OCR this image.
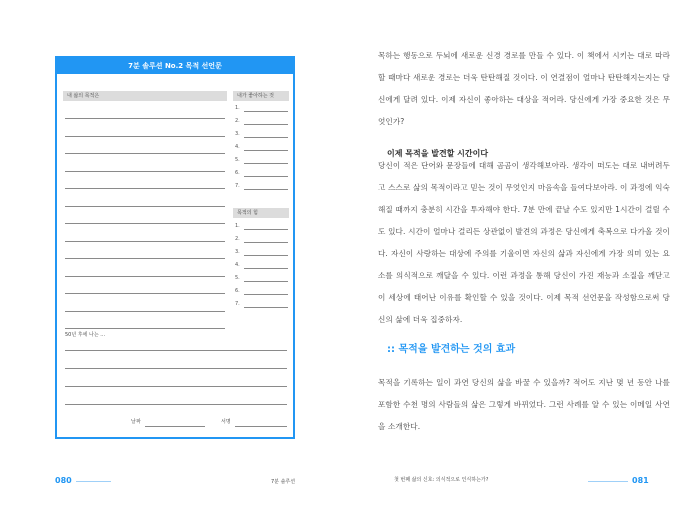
7분 솔루션 No.2 목적 선언문
내 삶의 목적은	내가 좋아하는 것
목적의 힘
1.
2.
3.
4.
5.
6.
7.
1.
2.
3.
4.
5.
6.
7.
50년 후에 나는 ...
날짜	서명
080	7분 솔루션
목하는 행동으로 두뇌에 새로운 신경 경로를 만들 수 있다. 이 책에서 시키는 대로 따라할 때마다 새로운 경로는 더욱 탄탄해질 것이다. 이 연결점이 얼마나 탄탄해지는지는 당신에게 달려 있다. 이제 자신이 좋아하는 대상을 적어라. 당신에게 가장 중요한 것은 무엇인가?
이제 목적을 발견할 시간이다
당신이 적은 단어와 문장들에 대해 곰곰이 생각해보아라. 생각이 떠도는 대로 내버려두고 스스로 삶의 목적이라고 믿는 것이 무엇인지 마음속을 들여다보아라. 이 과정에 익숙해질 때까지 충분히 시간을 투자해야 한다. 7분 만에 끝날 수도 있지만 1시간이 걸릴 수도 있다. 시간이 얼마나 걸리든 상관없이 발견의 과정은 당신에게 축복으로 다가올 것이다. 자신이 사랑하는 대상에 주의를 기울이면 자신의 삶과 자신에게 가장 의미 있는 요소를 의식적으로 깨달을 수 있다. 이런 과정을 통해 당신이 가진 재능과 소질을 깨닫고 이 세상에 태어난 이유를 확인할 수 있을 것이다. 이제 목적 선언문을 작성함으로써 당신의 삶에 더욱 집중하자.
:: 목적을 발견하는 것의 효과
목적을 기록하는 일이 과연 당신의 삶을 바꿀 수 있을까? 적어도 지난 몇 년 동안 나를 포함한 수천 명의 사람들의 삶은 그렇게 바뀌었다. 그런 사례를 알 수 있는 이메일 사연을 소개한다.
첫 번째 삶의 신호: 의식적으로 인식하는가?	081
